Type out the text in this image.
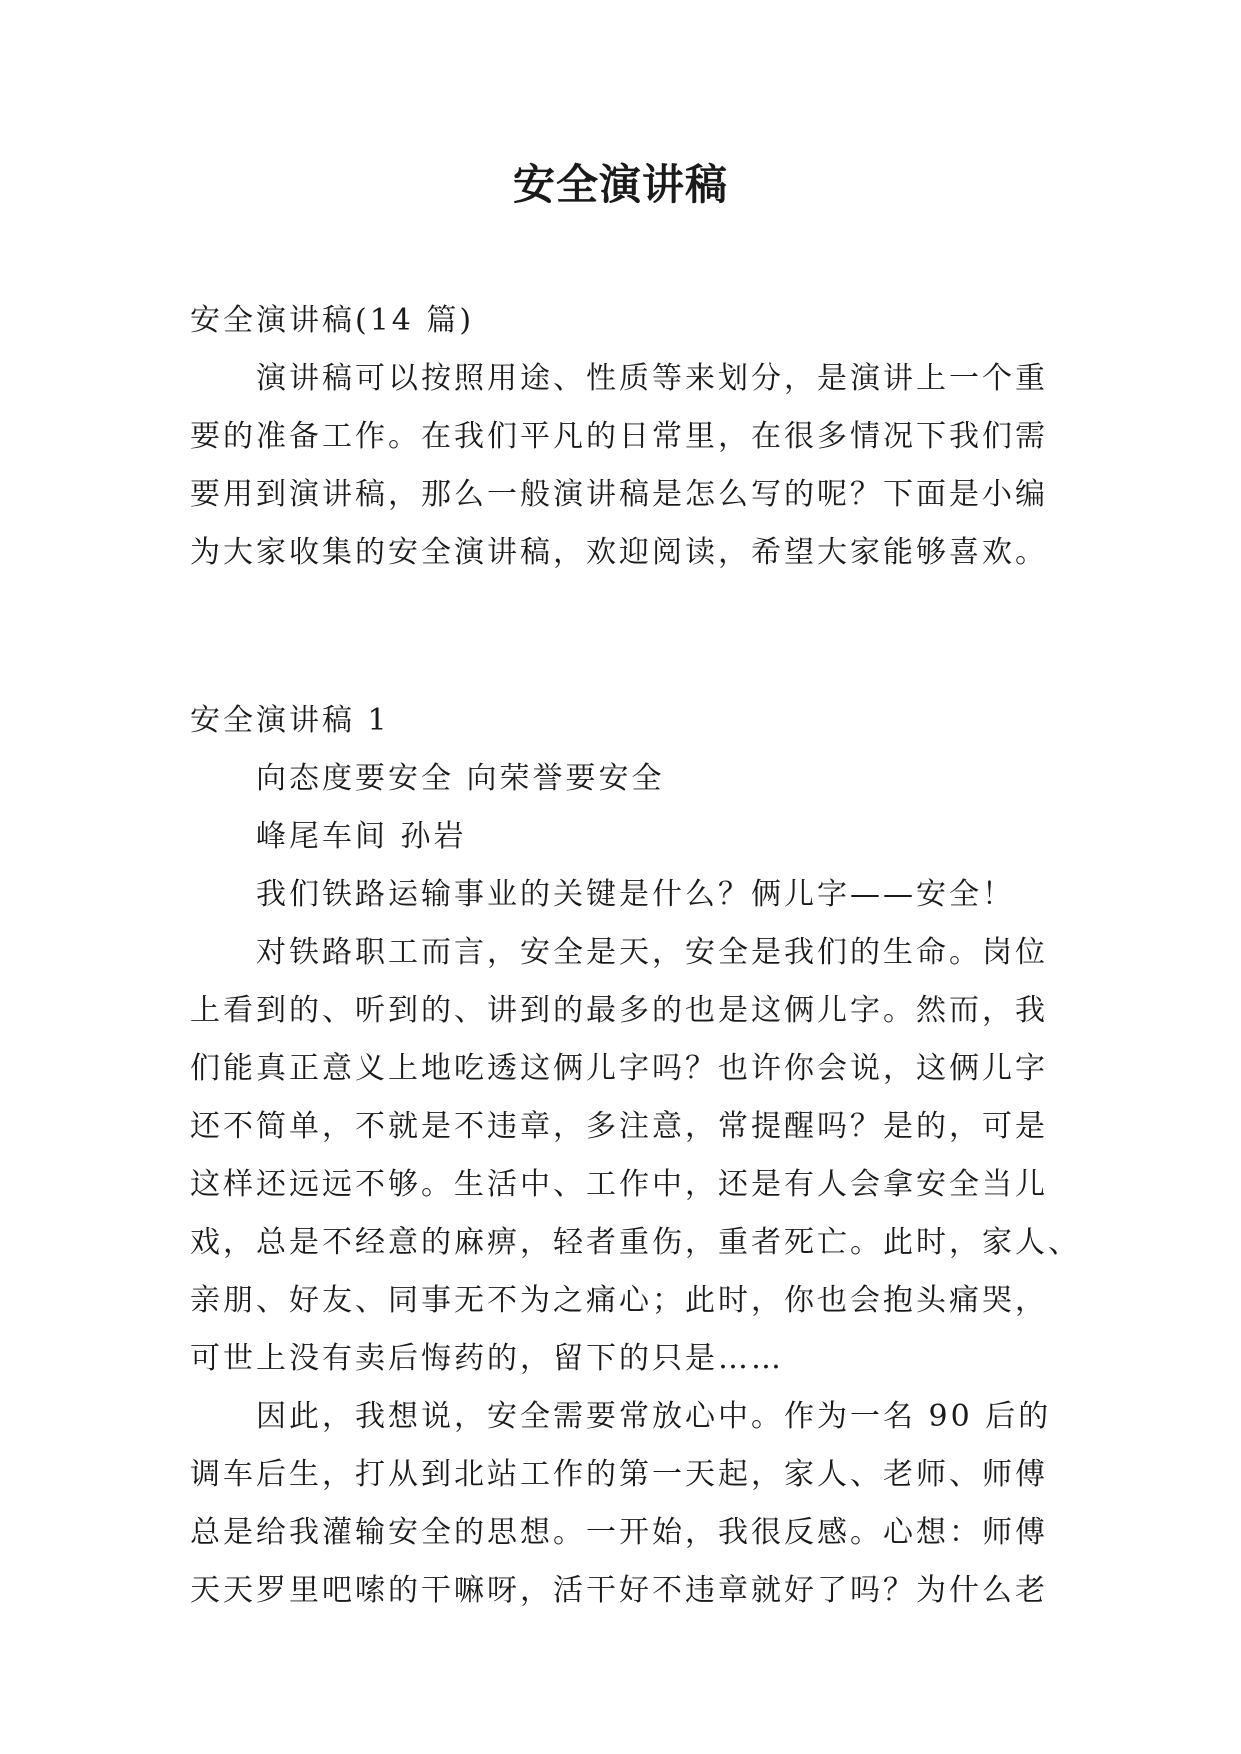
安全演讲稿
安全演讲稿(14 篇)
演讲稿可以按照用途、性质等来划分，是演讲上一个重
要的准备工作。在我们平凡的日常里，在很多情况下我们需
要用到演讲稿，那么一般演讲稿是怎么写的呢？下面是小编
为大家收集的安全演讲稿，欢迎阅读，希望大家能够喜欢。
安全演讲稿 1
向态度要安全 向荣誉要安全
峰尾车间 孙岩
我们铁路运输事业的关键是什么？俩儿字——安全！
对铁路职工而言，安全是天，安全是我们的生命。岗位
上看到的、听到的、讲到的最多的也是这俩儿字。然而，我
们能真正意义上地吃透这俩儿字吗？也许你会说，这俩儿字
还不简单，不就是不违章，多注意，常提醒吗？是的，可是
这样还远远不够。生活中、工作中，还是有人会拿安全当儿
戏，总是不经意的麻痹，轻者重伤，重者死亡。此时，家人、
亲朋、好友、同事无不为之痛心；此时，你也会抱头痛哭，
可世上没有卖后悔药的，留下的只是……
因此，我想说，安全需要常放心中。作为一名 90 后的
调车后生，打从到北站工作的第一天起，家人、老师、师傅
总是给我灌输安全的思想。一开始，我很反感。心想：师傅
天天罗里吧嗦的干嘛呀，活干好不违章就好了吗？为什么老
